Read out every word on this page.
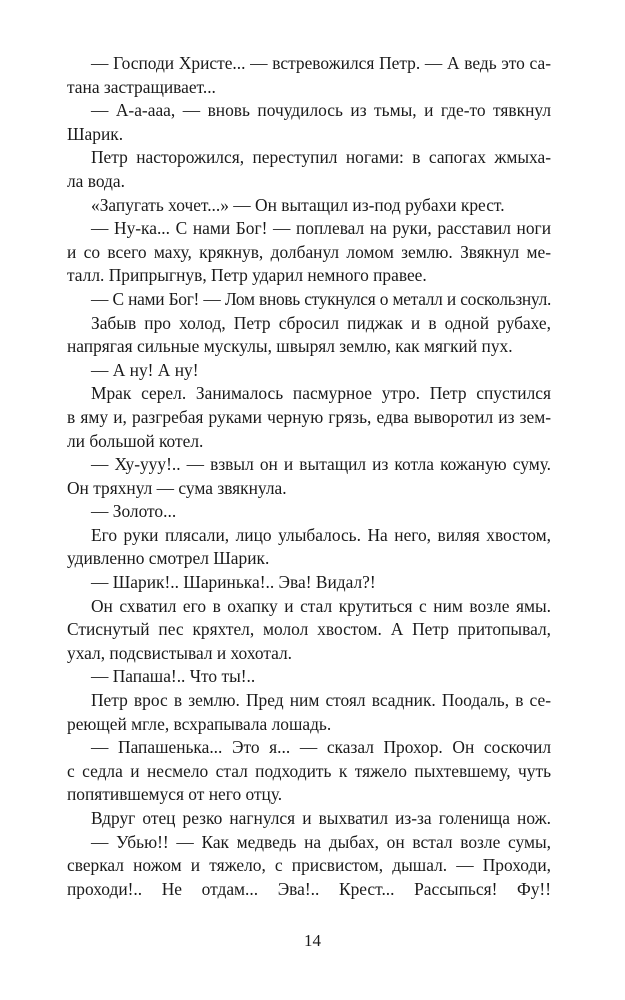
— Господи Христе... — встревожился Петр. — А ведь это са-
тана застращивает...
— А-а-ааа, — вновь почудилось из тьмы, и где-то тявкнул
Шарик.
Петр насторожился, переступил ногами: в сапогах жмыха-
ла вода.
«Запугать хочет...» — Он вытащил из-под рубахи крест.
— Ну-ка... С нами Бог! — поплевал на руки, расставил ноги
и со всего маху, крякнув, долбанул ломом землю. Звякнул ме-
талл. Припрыгнув, Петр ударил немного правее.
— С нами Бог! — Лом вновь стукнулся о металл и соскользнул.
Забыв про холод, Петр сбросил пиджак и в одной рубахе,
напрягая сильные мускулы, швырял землю, как мягкий пух.
— А ну! А ну!
Мрак серел. Занималось пасмурное утро. Петр спустился
в яму и, разгребая руками черную грязь, едва выворотил из зем-
ли большой котел.
— Ху-ууу!.. — взвыл он и вытащил из котла кожаную суму.
Он тряхнул — сума звякнула.
— Золото...
Его руки плясали, лицо улыбалось. На него, виляя хвостом,
удивленно смотрел Шарик.
— Шарик!.. Шаринька!.. Эва! Видал?!
Он схватил его в охапку и стал крутиться с ним возле ямы.
Стиснутый пес кряхтел, молол хвостом. А Петр притопывал,
ухал, подсвистывал и хохотал.
— Папаша!.. Что ты!..
Петр врос в землю. Пред ним стоял всадник. Поодаль, в се-
реющей мгле, всхрапывала лошадь.
— Папашенька... Это я... — сказал Прохор. Он соскочил
с седла и несмело стал подходить к тяжело пыхтевшему, чуть
попятившемуся от него отцу.
Вдруг отец резко нагнулся и выхватил из-за голенища нож.
— Убью!! — Как медведь на дыбах, он встал возле сумы,
сверкал ножом и тяжело, с присвистом, дышал. — Проходи,
проходи!.. Не отдам... Эва!.. Крест... Рассыпься! Фу!!
14
